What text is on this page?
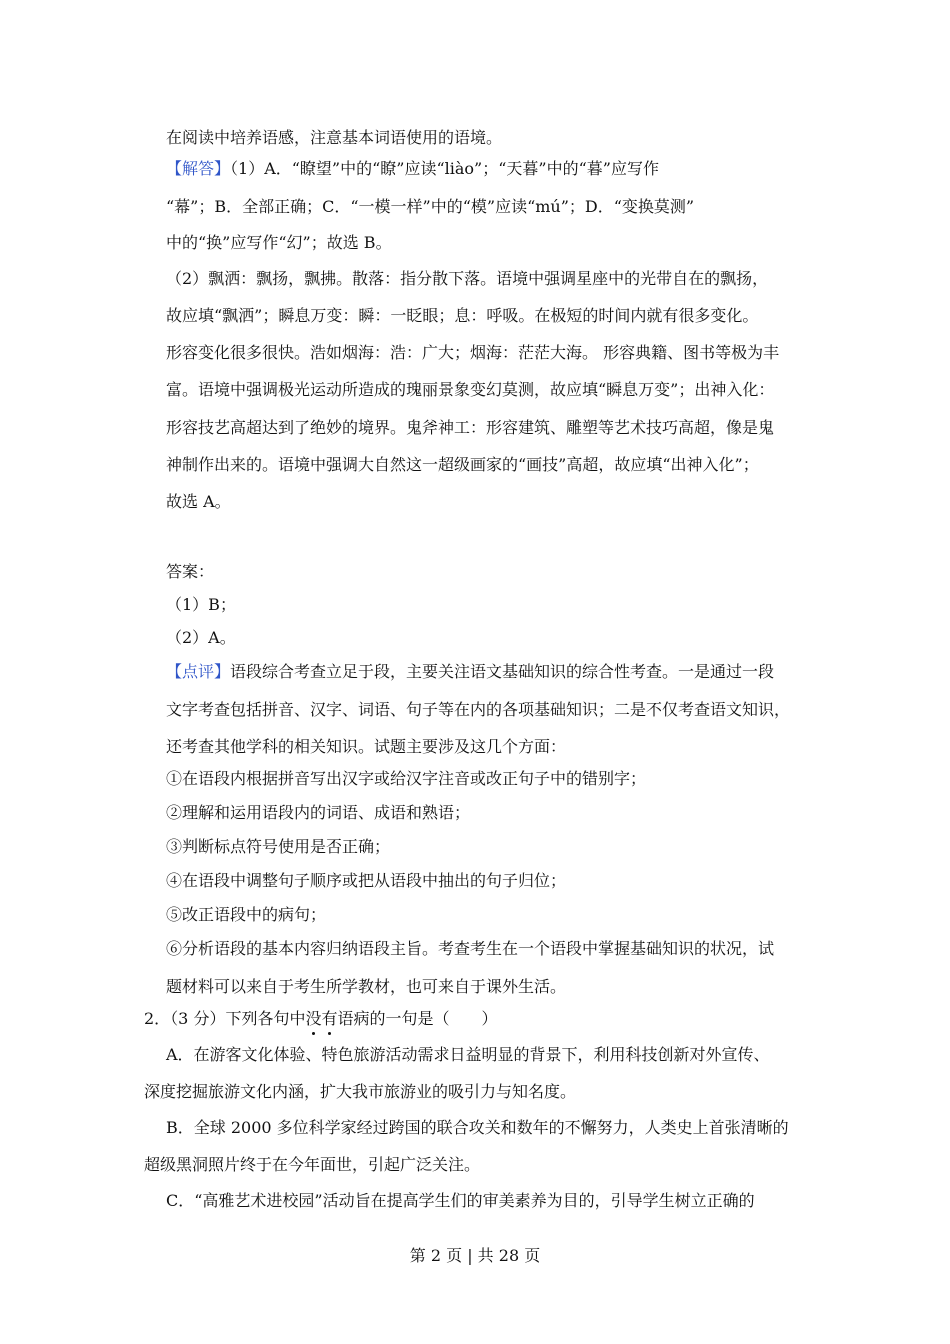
在阅读中培养语感，注意基本词语使用的语境。
【解答】（1）A．“瞭望”中的“瞭”应读“liào”；“天暮”中的“暮”应写作
“幕”；B．全部正确；C．“一模一样”中的“模”应读“mú”；D．“变换莫测”
中的“换”应写作“幻”；故选 B。
（2）飘洒：飘扬，飘拂。散落：指分散下落。语境中强调星座中的光带自在的飘扬，
故应填“飘洒”；瞬息万变：瞬：一眨眼；息：呼吸。在极短的时间内就有很多变化。
形容变化很多很快。浩如烟海：浩：广大；烟海：茫茫大海。 形容典籍、图书等极为丰
富。语境中强调极光运动所造成的瑰丽景象变幻莫测，故应填“瞬息万变”；出神入化：
形容技艺高超达到了绝妙的境界。鬼斧神工：形容建筑、雕塑等艺术技巧高超，像是鬼
神制作出来的。语境中强调大自然这一超级画家的“画技”高超，故应填“出神入化”；
故选 A。
答案：
（1）B；
（2）A。
【点评】语段综合考查立足于段，主要关注语文基础知识的综合性考查。一是通过一段
文字考查包括拼音、汉字、词语、句子等在内的各项基础知识；二是不仅考查语文知识，
还考查其他学科的相关知识。试题主要涉及这几个方面：
①在语段内根据拼音写出汉字或给汉字注音或改正句子中的错别字；
②理解和运用语段内的词语、成语和熟语；
③判断标点符号使用是否正确；
④在语段中调整句子顺序或把从语段中抽出的句子归位；
⑤改正语段中的病句；
⑥分析语段的基本内容归纳语段主旨。考查考生在一个语段中掌握基础知识的状况，试
题材料可以来自于考生所学教材，也可来自于课外生活。
2．（3 分）下列各句中没有语病的一句是（　　）
A．在游客文化体验、特色旅游活动需求日益明显的背景下，利用科技创新对外宣传、
深度挖掘旅游文化内涵，扩大我市旅游业的吸引力与知名度。
B．全球 2000 多位科学家经过跨国的联合攻关和数年的不懈努力，人类史上首张清晰的
超级黑洞照片终于在今年面世，引起广泛关注。
C．“高雅艺术进校园”活动旨在提高学生们的审美素养为目的，引导学生树立正确的
第 2 页 | 共 28 页
